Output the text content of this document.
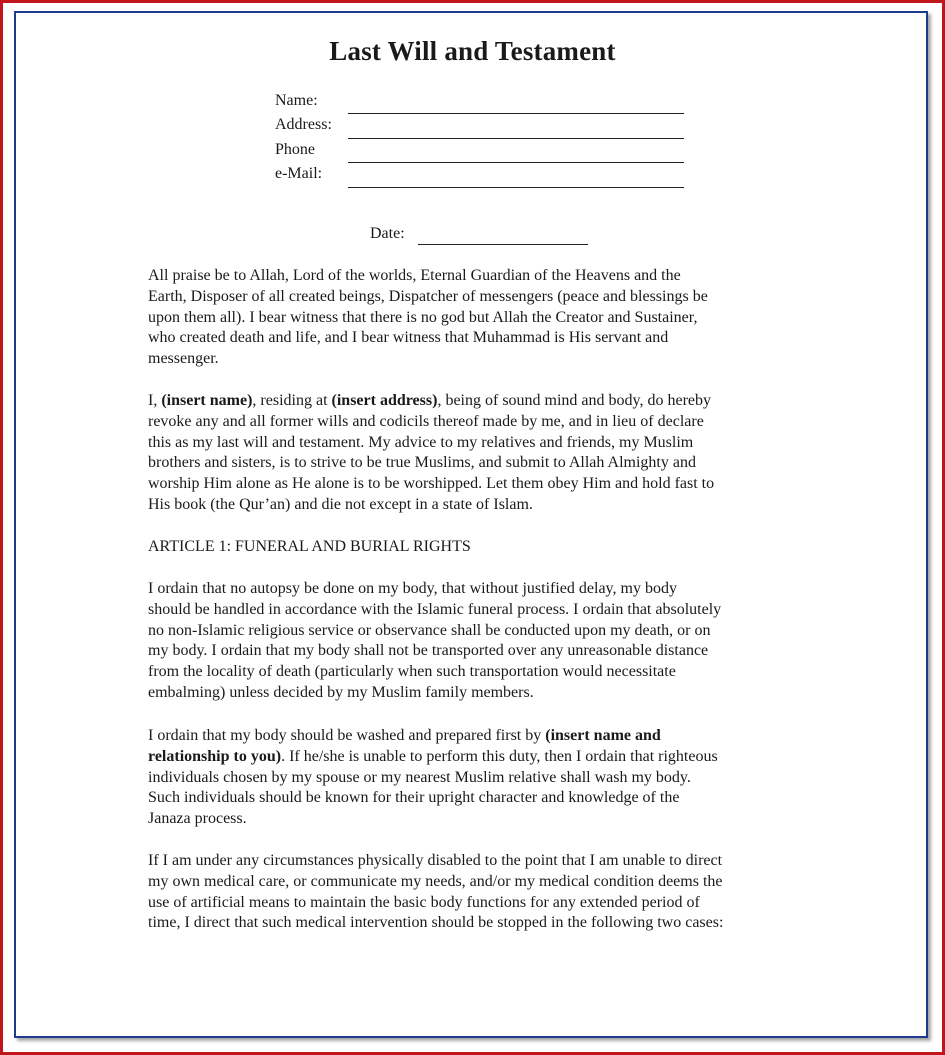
Last Will and Testament
Name:
Address:
Phone
e-Mail:
Date:

All praise be to Allah, Lord of the worlds, Eternal Guardian of the Heavens and the

Earth, Disposer of all created beings, Dispatcher of messengers (peace and blessings be

upon them all). I bear witness that there is no god but Allah the Creator and Sustainer,

who created death and life, and I bear witness that Muhammad is His servant and

messenger.

I, (insert name), residing at (insert address), being of sound mind and body, do hereby

revoke any and all former wills and codicils thereof made by me, and in lieu of declare

this as my last will and testament. My advice to my relatives and friends, my Muslim

brothers and sisters, is to strive to be true Muslims, and submit to Allah Almighty and

worship Him alone as He alone is to be worshipped. Let them obey Him and hold fast to

His book (the Qur’an) and die not except in a state of Islam.

ARTICLE 1: FUNERAL AND BURIAL RIGHTS

I ordain that no autopsy be done on my body, that without justified delay, my body

should be handled in accordance with the Islamic funeral process. I ordain that absolutely

no non-Islamic religious service or observance shall be conducted upon my death, or on

my body. I ordain that my body shall not be transported over any unreasonable distance

from the locality of death (particularly when such transportation would necessitate

embalming) unless decided by my Muslim family members.

I ordain that my body should be washed and prepared first by (insert name and

relationship to you). If he/she is unable to perform this duty, then I ordain that righteous

individuals chosen by my spouse or my nearest Muslim relative shall wash my body.

Such individuals should be known for their upright character and knowledge of the

Janaza process.

If I am under any circumstances physically disabled to the point that I am unable to direct

my own medical care, or communicate my needs, and/or my medical condition deems the

use of artificial means to maintain the basic body functions for any extended period of

time, I direct that such medical intervention should be stopped in the following two cases:
